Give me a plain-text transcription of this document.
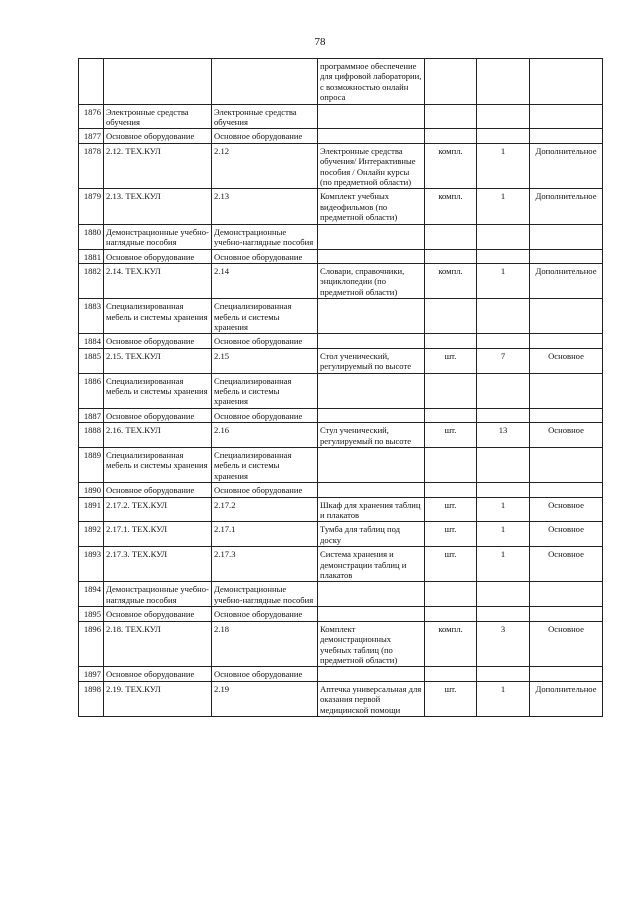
78
			программное обеспечение для цифровой лаборатории, с возможностью онлайн опроса			
1876	Электронные средства обучения	Электронные средства обучения				
1877	Основное оборудование	Основное оборудование				
1878	2.12. ТЕХ.КУЛ	2.12	Электронные средства обучения/ Интерактивные пособия / Онлайн курсы (по предметной области)	компл.	1	Дополнительное
1879	2.13. ТЕХ.КУЛ	2.13	Комплект учебных видеофильмов (по предметной области)	компл.	1	Дополнительное
1880	Демонстрационные учебно-наглядные пособия	Демонстрационные учебно-наглядные пособия				
1881	Основное оборудование	Основное оборудование				
1882	2.14. ТЕХ.КУЛ	2.14	Словари, справочники, энциклопедии (по предметной области)	компл.	1	Дополнительное
1883	Специализированная мебель и системы хранения	Специализированная мебель и системы хранения				
1884	Основное оборудование	Основное оборудование				
1885	2.15. ТЕХ.КУЛ	2.15	Стол ученический, регулируемый по высоте	шт.	7	Основное
1886	Специализированная мебель и системы хранения	Специализированная мебель и системы хранения				
1887	Основное оборудование	Основное оборудование				
1888	2.16. ТЕХ.КУЛ	2.16	Стул ученический, регулируемый по высоте	шт.	13	Основное
1889	Специализированная мебель и системы хранения	Специализированная мебель и системы хранения				
1890	Основное оборудование	Основное оборудование				
1891	2.17.2. ТЕХ.КУЛ	2.17.2	Шкаф для хранения таблиц и плакатов	шт.	1	Основное
1892	2.17.1. ТЕХ.КУЛ	2.17.1	Тумба для таблиц под доску	шт.	1	Основное
1893	2.17.3. ТЕХ.КУЛ	2.17.3	Система хранения и демонстрации таблиц и плакатов	шт.	1	Основное
1894	Демонстрационные учебно-наглядные пособия	Демонстрационные учебно-наглядные пособия				
1895	Основное оборудование	Основное оборудование				
1896	2.18. ТЕХ.КУЛ	2.18	Комплект демонстрационных учебных таблиц (по предметной области)	компл.	3	Основное
1897	Основное оборудование	Основное оборудование				
1898	2.19. ТЕХ.КУЛ	2.19	Аптечка универсальная для оказания первой медицинской помощи	шт.	1	Дополнительное
